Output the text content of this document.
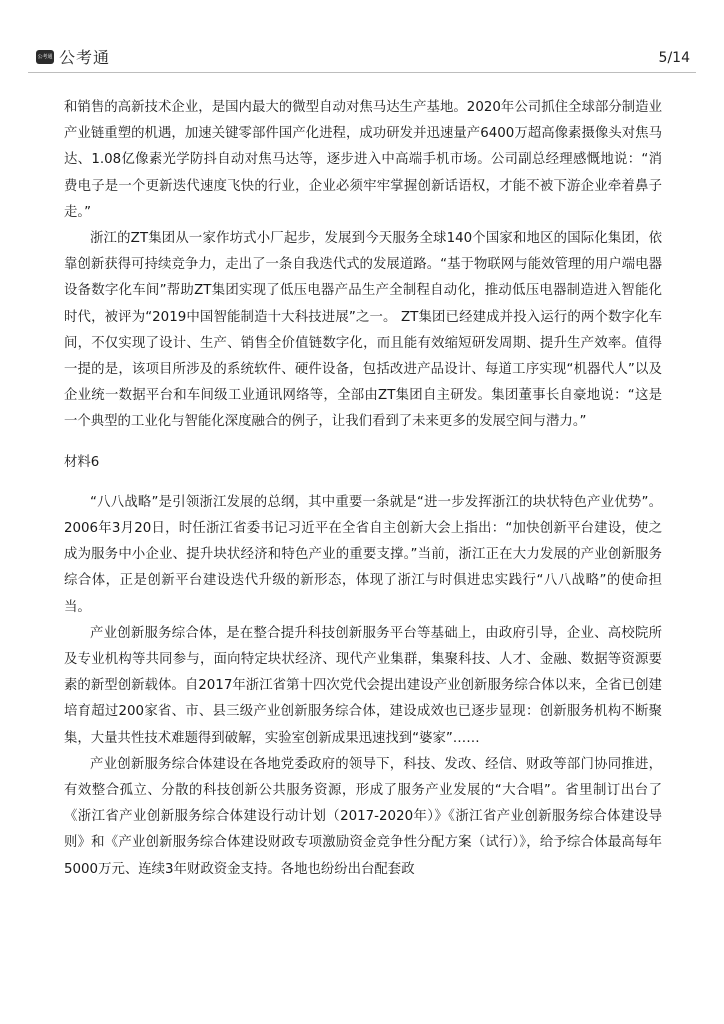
公考通 公考通	5/14

和销售的高新技术企业，是国内最大的微型自动对焦马达生产基地。2020年公司抓住全球部分制造业产业链重塑的机遇，加速关键零部件国产化进程，成功研发并迅速量产6400万超高像素摄像头对焦马达、1.08亿像素光学防抖自动对焦马达等，逐步进入中高端手机市场。公司副总经理感慨地说：“消费电子是一个更新迭代速度飞快的行业，企业必须牢牢掌握创新话语权，才能不被下游企业牵着鼻子走。”

浙江的ZT集团从一家作坊式小厂起步，发展到今天服务全球140个国家和地区的国际化集团，依靠创新获得可持续竞争力，走出了一条自我迭代式的发展道路。“基于物联网与能效管理的用户端电器设备数字化车间”帮助ZT集团实现了低压电器产品生产全制程自动化，推动低压电器制造进入智能化时代，被评为“2019中国智能制造十大科技进展”之一。 ZT集团已经建成并投入运行的两个数字化车间，不仅实现了设计、生产、销售全价值链数字化，而且能有效缩短研发周期、提升生产效率。值得一提的是，该项目所涉及的系统软件、硬件设备，包括改进产品设计、每道工序实现“机器代人”以及企业统一数据平台和车间级工业通讯网络等，全部由ZT集团自主研发。集团董事长自豪地说：“这是一个典型的工业化与智能化深度融合的例子，让我们看到了未来更多的发展空间与潜力。”

材料6

“八八战略”是引领浙江发展的总纲，其中重要一条就是“进一步发挥浙江的块状特色产业优势”。2006年3月20日，时任浙江省委书记习近平在全省自主创新大会上指出：“加快创新平台建设，使之成为服务中小企业、提升块状经济和特色产业的重要支撑。”当前，浙江正在大力发展的产业创新服务综合体，正是创新平台建设迭代升级的新形态，体现了浙江与时俱进忠实践行“八八战略”的使命担当。

产业创新服务综合体，是在整合提升科技创新服务平台等基础上，由政府引导，企业、高校院所及专业机构等共同参与，面向特定块状经济、现代产业集群，集聚科技、人才、金融、数据等资源要素的新型创新载体。自2017年浙江省第十四次党代会提出建设产业创新服务综合体以来，全省已创建培育超过200家省、市、县三级产业创新服务综合体，建设成效也已逐步显现：创新服务机构不断聚集，大量共性技术难题得到破解，实验室创新成果迅速找到“婆家”……

产业创新服务综合体建设在各地党委政府的领导下，科技、发改、经信、财政等部门协同推进，有效整合孤立、分散的科技创新公共服务资源，形成了服务产业发展的“大合唱”。省里制订出台了《浙江省产业创新服务综合体建设行动计划（2017-2020年）》《浙江省产业创新服务综合体建设导则》和《产业创新服务综合体建设财政专项激励资金竞争性分配方案（试行）》，给予综合体最高每年5000万元、连续3年财政资金支持。各地也纷纷出台配套政
